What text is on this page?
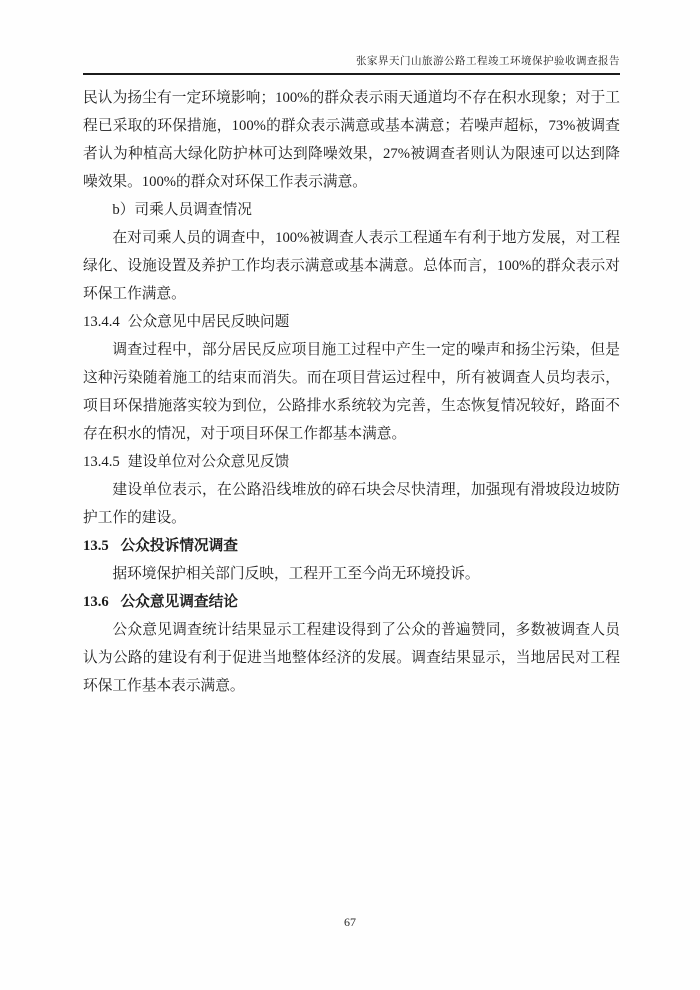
张家界天门山旅游公路工程竣工环境保护验收调查报告

民认为扬尘有一定环境影响；100%的群众表示雨天通道均不存在积水现象；对于工程已采取的环保措施，100%的群众表示满意或基本满意；若噪声超标，73%被调查者认为种植高大绿化防护林可达到降噪效果，27%被调查者则认为限速可以达到降噪效果。100%的群众对环保工作表示满意。

b）司乘人员调查情况

在对司乘人员的调查中，100%被调查人表示工程通车有利于地方发展，对工程绿化、设施设置及养护工作均表示满意或基本满意。总体而言，100%的群众表示对环保工作满意。

13.4.4 公众意见中居民反映问题

调查过程中，部分居民反应项目施工过程中产生一定的噪声和扬尘污染，但是这种污染随着施工的结束而消失。而在项目营运过程中，所有被调查人员均表示，项目环保措施落实较为到位，公路排水系统较为完善，生态恢复情况较好，路面不存在积水的情况，对于项目环保工作都基本满意。

13.4.5 建设单位对公众意见反馈

建设单位表示，在公路沿线堆放的碎石块会尽快清理，加强现有滑坡段边坡防护工作的建设。

13.5 公众投诉情况调查

据环境保护相关部门反映，工程开工至今尚无环境投诉。

13.6 公众意见调查结论

公众意见调查统计结果显示工程建设得到了公众的普遍赞同，多数被调查人员认为公路的建设有利于促进当地整体经济的发展。调查结果显示，当地居民对工程环保工作基本表示满意。

67
